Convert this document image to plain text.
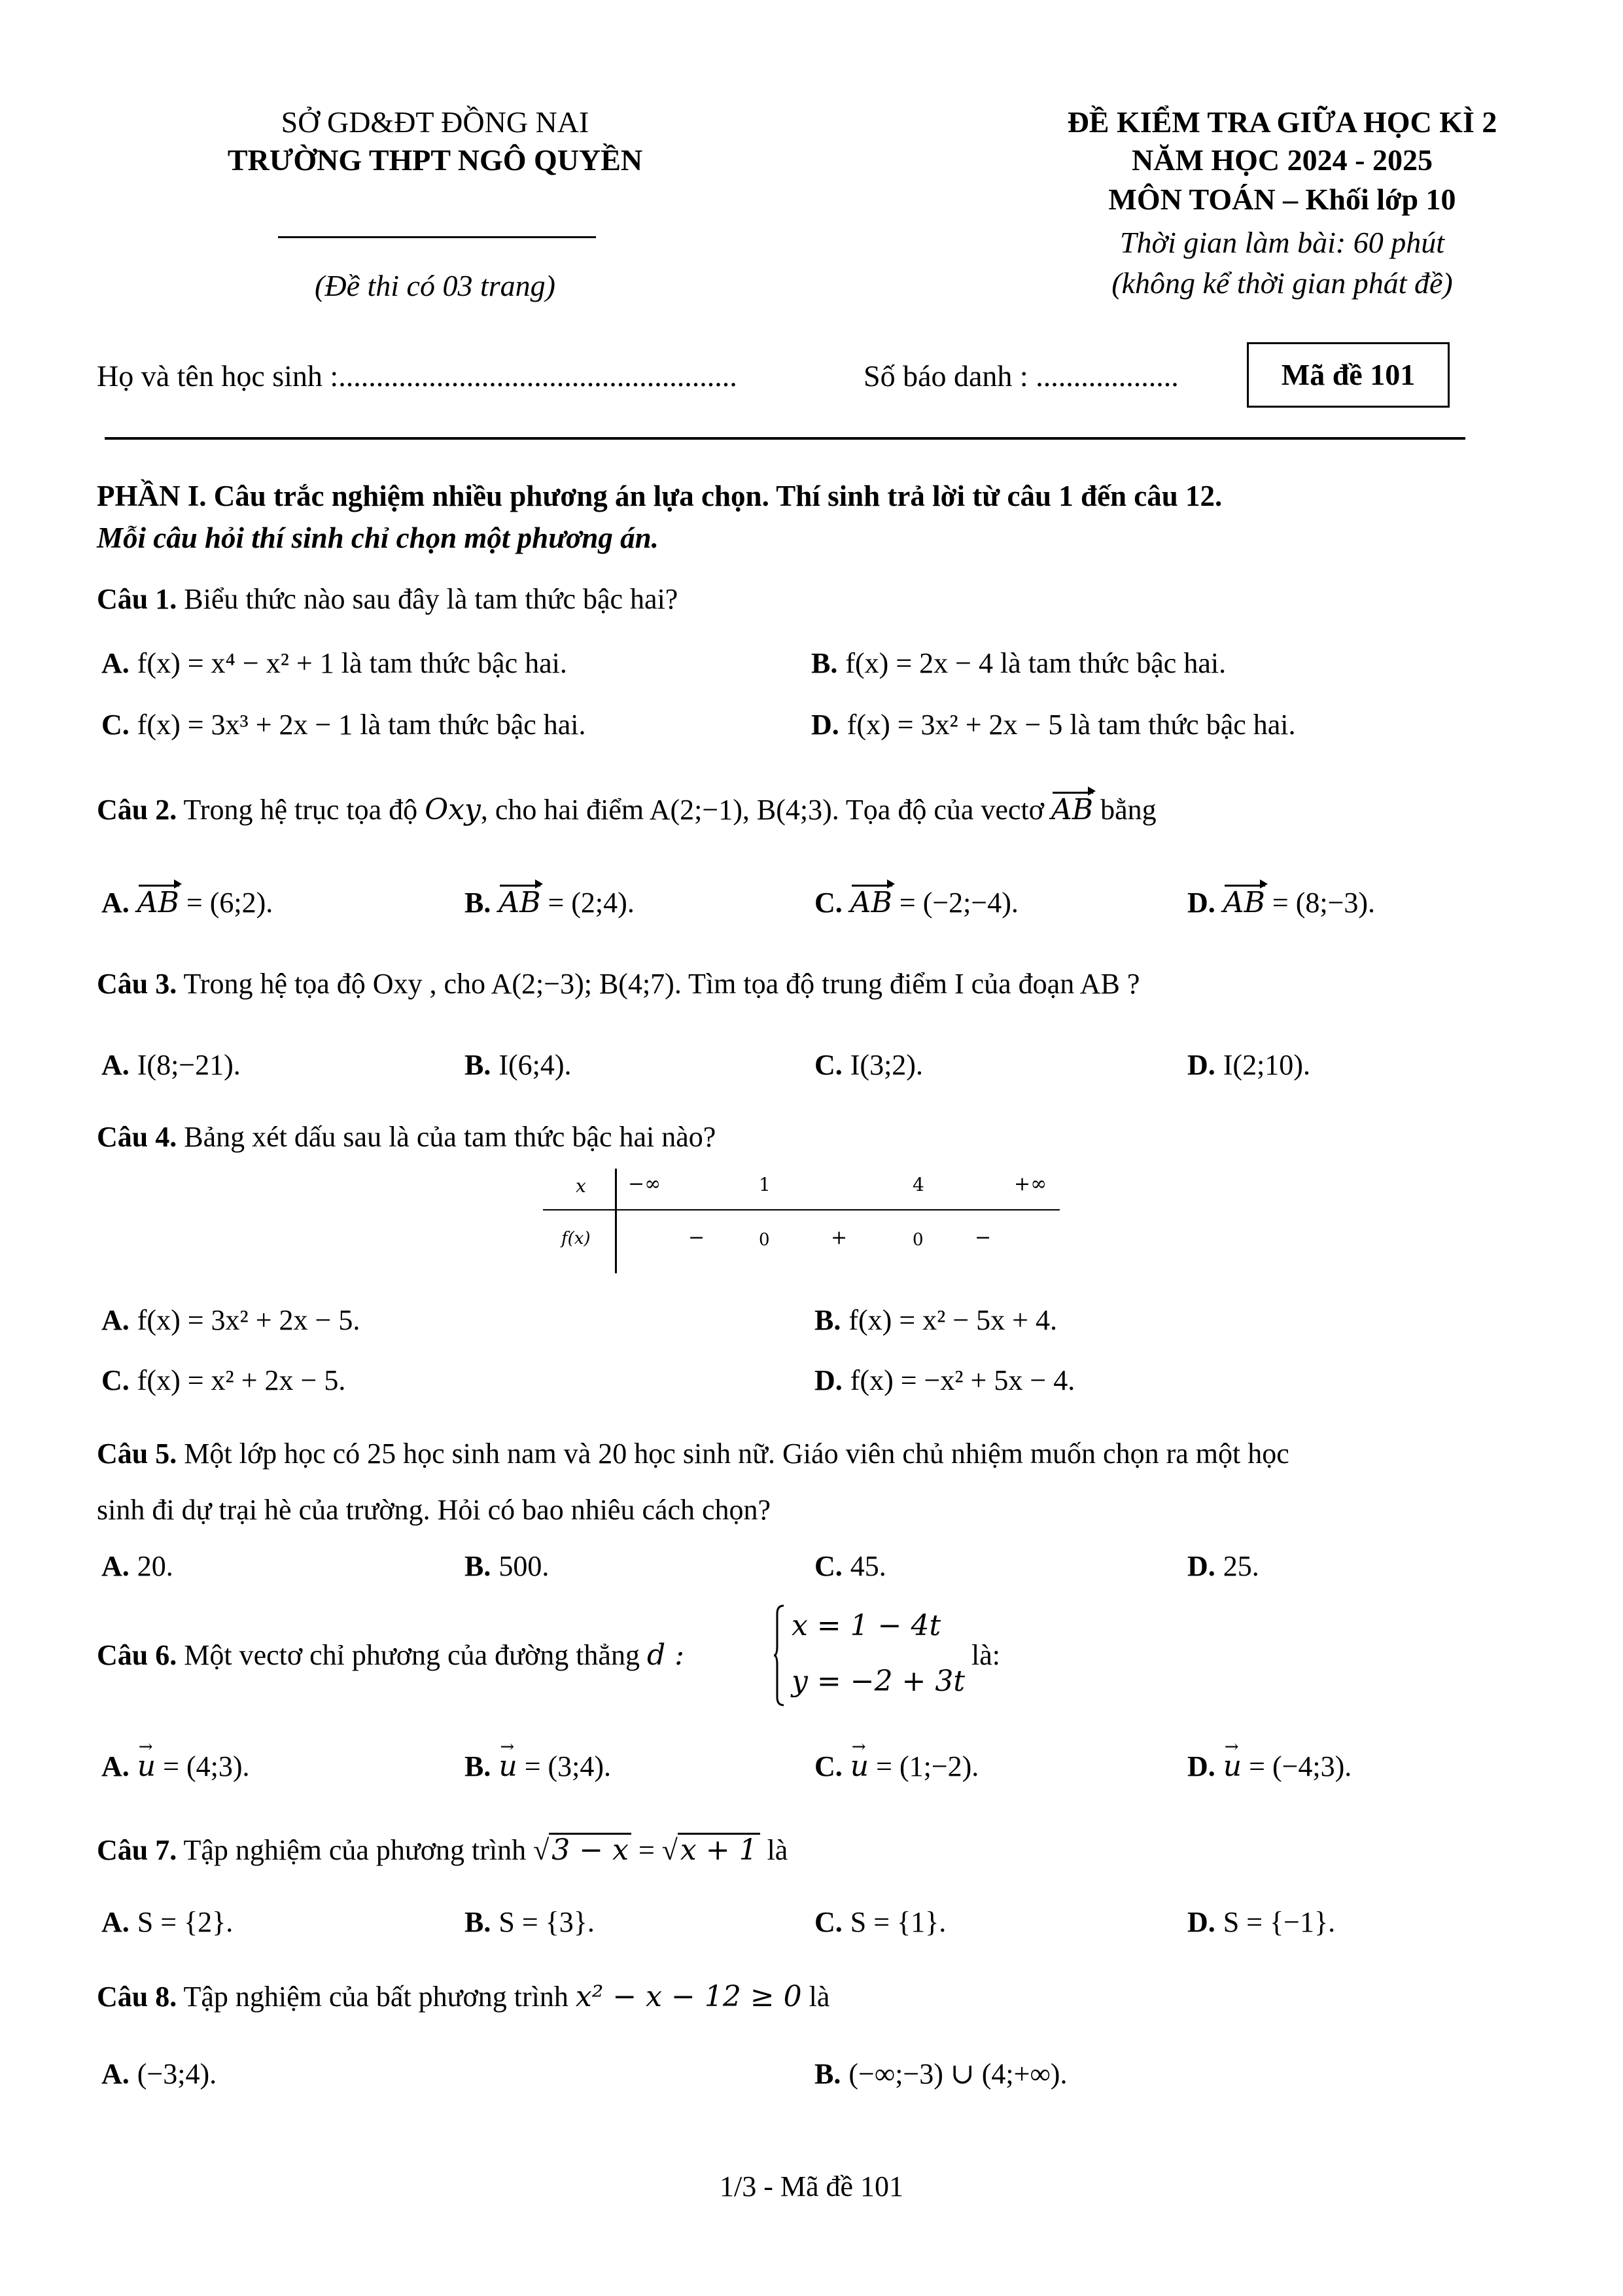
SỞ GD&ĐT ĐỒNG NAI
TRƯỜNG THPT NGÔ QUYỀN
(Đề thi có 03 trang)
ĐỀ KIỂM TRA GIỮA HỌC KÌ 2
NĂM HỌC 2024 - 2025
MÔN TOÁN – Khối lớp 10
Thời gian làm bài: 60 phút
(không kể thời gian phát đề)
Họ và tên học sinh :.....................................................	Số báo danh : ...................	Mã đề 101
PHẦN I. Câu trắc nghiệm nhiều phương án lựa chọn. Thí sinh trả lời từ câu 1 đến câu 12.
Mỗi câu hỏi thí sinh chỉ chọn một phương án.
Câu 1. Biểu thức nào sau đây là tam thức bậc hai?
A. f(x) = x⁴ − x² + 1 là tam thức bậc hai.	B. f(x) = 2x − 4 là tam thức bậc hai.
C. f(x) = 3x³ + 2x − 1 là tam thức bậc hai.	D. f(x) = 3x² + 2x − 5 là tam thức bậc hai.
Câu 2. Trong hệ trục tọa độ Oxy, cho hai điểm A(2;−1), B(4;3). Tọa độ của vectơ AB bằng
A. AB = (6;2).	B. AB = (2;4).	C. AB = (−2;−4).	D. AB = (8;−3).
Câu 3. Trong hệ tọa độ Oxy , cho A(2;−3); B(4;7). Tìm tọa độ trung điểm I của đoạn AB ?
A. I(8;−21).	B. I(6;4).	C. I(3;2).	D. I(2;10).
Câu 4. Bảng xét dấu sau là của tam thức bậc hai nào?
x −∞	1	4	+∞
f(x)	−	0	+	0	−
A. f(x) = 3x² + 2x − 5.	B. f(x) = x² − 5x + 4.
C. f(x) = x² + 2x − 5.	D. f(x) = −x² + 5x − 4.
Câu 5. Một lớp học có 25 học sinh nam và 20 học sinh nữ. Giáo viên chủ nhiệm muốn chọn ra một học
sinh đi dự trại hè của trường. Hỏi có bao nhiêu cách chọn?
A. 20.	B. 500.	C. 45.	D. 25.
Câu 6. Một vectơ chỉ phương của đường thẳng d :
x = 1 − 4t
y = −2 + 3t
là:
A. u → = (4;3).	B. u → = (3;4).	C. u → = (1;−2).	D. u → = (−4;3).
Câu 7. Tập nghiệm của phương trình √3 − x = √x + 1 là
A. S = {2}.	B. S = {3}.	C. S = {1}.	D. S = {−1}.
Câu 8. Tập nghiệm của bất phương trình x² − x − 12 ≥ 0 là
A. (−3;4).	B. (−∞;−3) ∪ (4;+∞).
1/3 - Mã đề 101
